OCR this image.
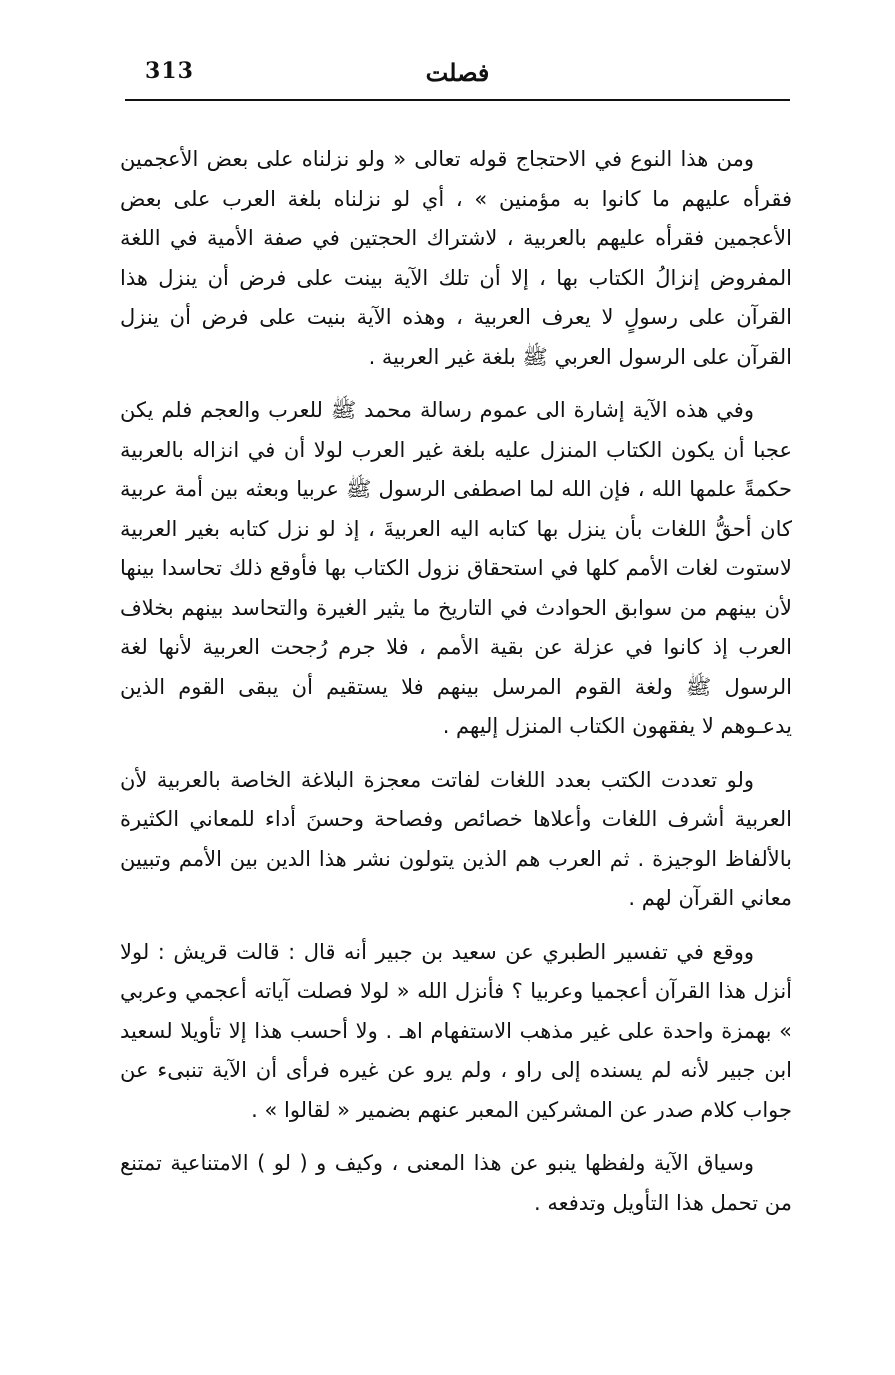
313	فصلت

ومن هذا النوع في الاحتجاج قوله تعالى « ولو نزلناه على بعض الأعجمين فقرأه عليهم ما كانوا به مؤمنين » ، أي لو نزلناه بلغة العرب على بعض الأعجمين فقرأه عليهم بالعربية ، لاشتراك الحجتين في صفة الأمية في اللغة المفروض إنزالُ الكتاب بها ، إلا أن تلك الآية بينت على فرض أن ينزل هذا القرآن على رسولٍ لا يعرف العربية ، وهذه الآية بنيت على فرض أن ينزل القرآن على الرسول العربي ﷺ بلغة غير العربية .

وفي هذه الآية إشارة الى عموم رسالة محمد ﷺ للعرب والعجم فلم يكن عجبا أن يكون الكتاب المنزل عليه بلغة غير العرب لولا أن في انزاله بالعربية حكمةً علمها الله ، فإن الله لما اصطفى الرسول ﷺ عربيا وبعثه بين أمة عربية كان أحقُّ اللغات بأن ينزل بها كتابه اليه العربيةَ ، إذ لو نزل كتابه بغير العربية لاستوت لغات الأمم كلها في استحقاق نزول الكتاب بها فأوقع ذلك تحاسدا بينها لأن بينهم من سوابق الحوادث في التاريخ ما يثير الغيرة والتحاسد بينهم بخلاف العرب إذ كانوا في عزلة عن بقية الأمم ، فلا جرم رُجحت العربية لأنها لغة الرسول ﷺ ولغة القوم المرسل بينهم فلا يستقيم أن يبقى القوم الذين يدعـوهم لا يفقهون الكتاب المنزل إليهم .

ولو تعددت الكتب بعدد اللغات لفاتت معجزة البلاغة الخاصة بالعربية لأن العربية أشرف اللغات وأعلاها خصائص وفصاحة وحسنَ أداء للمعاني الكثيرة بالألفاظ الوجيزة . ثم العرب هم الذين يتولون نشر هذا الدين بين الأمم وتبيين معاني القرآن لهم .

ووقع في تفسير الطبري عن سعيد بن جبير أنه قال : قالت قريش : لولا أنزل هذا القرآن أعجميا وعربيا ؟ فأنزل الله « لولا فصلت آياته أعجمي وعربي » بهمزة واحدة على غير مذهب الاستفهام اهـ . ولا أحسب هذا إلا تأويلا لسعيد ابن جبير لأنه لم يسنده إلى راو ، ولم يرو عن غيره فرأى أن الآية تنبىء عن جواب كلام صدر عن المشركين المعبر عنهم بضمير « لقالوا » .

وسياق الآية ولفظها ينبو عن هذا المعنى ، وكيف و ( لو ) الامتناعية تمتنع من تحمل هذا التأويل وتدفعه .
